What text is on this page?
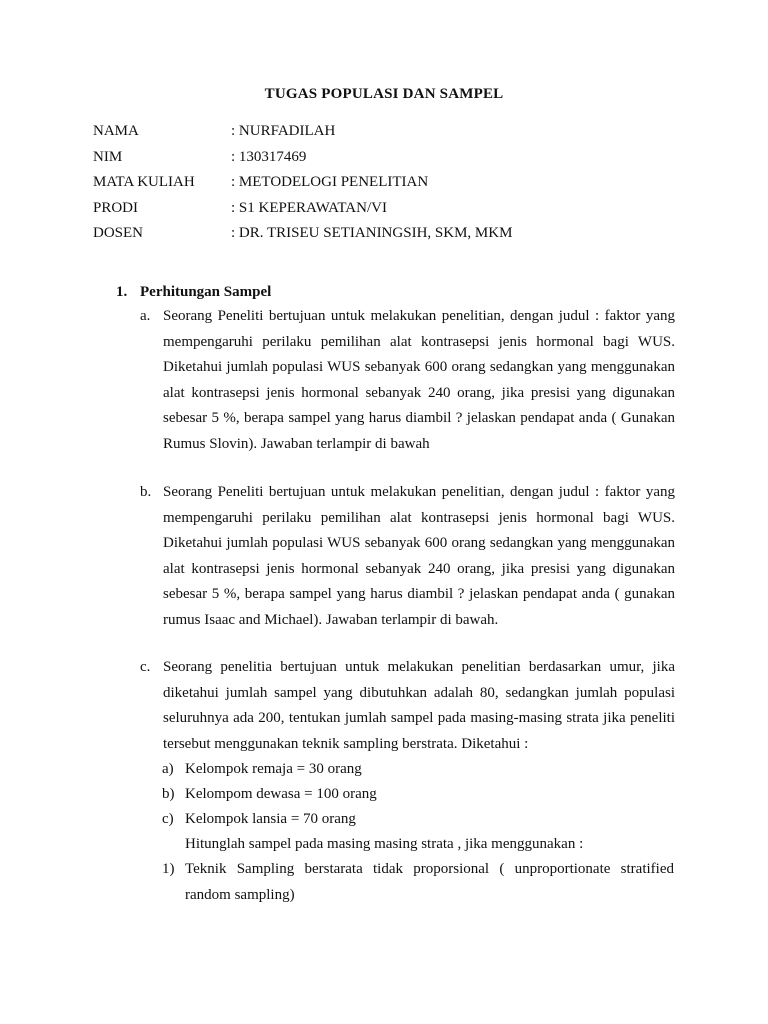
TUGAS POPULASI DAN SAMPEL
NAMA	: NURFADILAH
NIM	: 130317469
MATA KULIAH	: METODELOGI PENELITIAN
PRODI	: S1 KEPERAWATAN/VI
DOSEN	: DR. TRISEU SETIANINGSIH, SKM, MKM
1. Perhitungan Sampel
a. Seorang Peneliti bertujuan untuk melakukan penelitian, dengan judul : faktor yang mempengaruhi perilaku pemilihan alat kontrasepsi jenis hormonal bagi WUS. Diketahui jumlah populasi WUS sebanyak 600 orang sedangkan yang menggunakan alat kontrasepsi jenis hormonal sebanyak 240 orang, jika presisi yang digunakan sebesar 5 %, berapa sampel yang harus diambil ? jelaskan pendapat anda ( Gunakan Rumus Slovin). Jawaban terlampir di bawah
b. Seorang Peneliti bertujuan untuk melakukan penelitian, dengan judul : faktor yang mempengaruhi perilaku pemilihan alat kontrasepsi jenis hormonal bagi WUS. Diketahui jumlah populasi WUS sebanyak 600 orang sedangkan yang menggunakan alat kontrasepsi jenis hormonal sebanyak 240 orang, jika presisi yang digunakan sebesar 5 %, berapa sampel yang harus diambil ? jelaskan pendapat anda ( gunakan rumus Isaac and Michael). Jawaban terlampir di bawah.
c. Seorang penelitia bertujuan untuk melakukan penelitian berdasarkan umur, jika diketahui jumlah sampel yang dibutuhkan adalah 80, sedangkan jumlah populasi seluruhnya ada 200, tentukan jumlah sampel pada masing-masing strata jika peneliti tersebut menggunakan teknik sampling berstrata. Diketahui :
a) Kelompok remaja = 30 orang
b) Kelompom dewasa = 100 orang
c) Kelompok lansia = 70 orang
Hitunglah sampel pada masing masing strata , jika menggunakan :
1) Teknik Sampling berstarata tidak proporsional ( unproportionate stratified random sampling)
